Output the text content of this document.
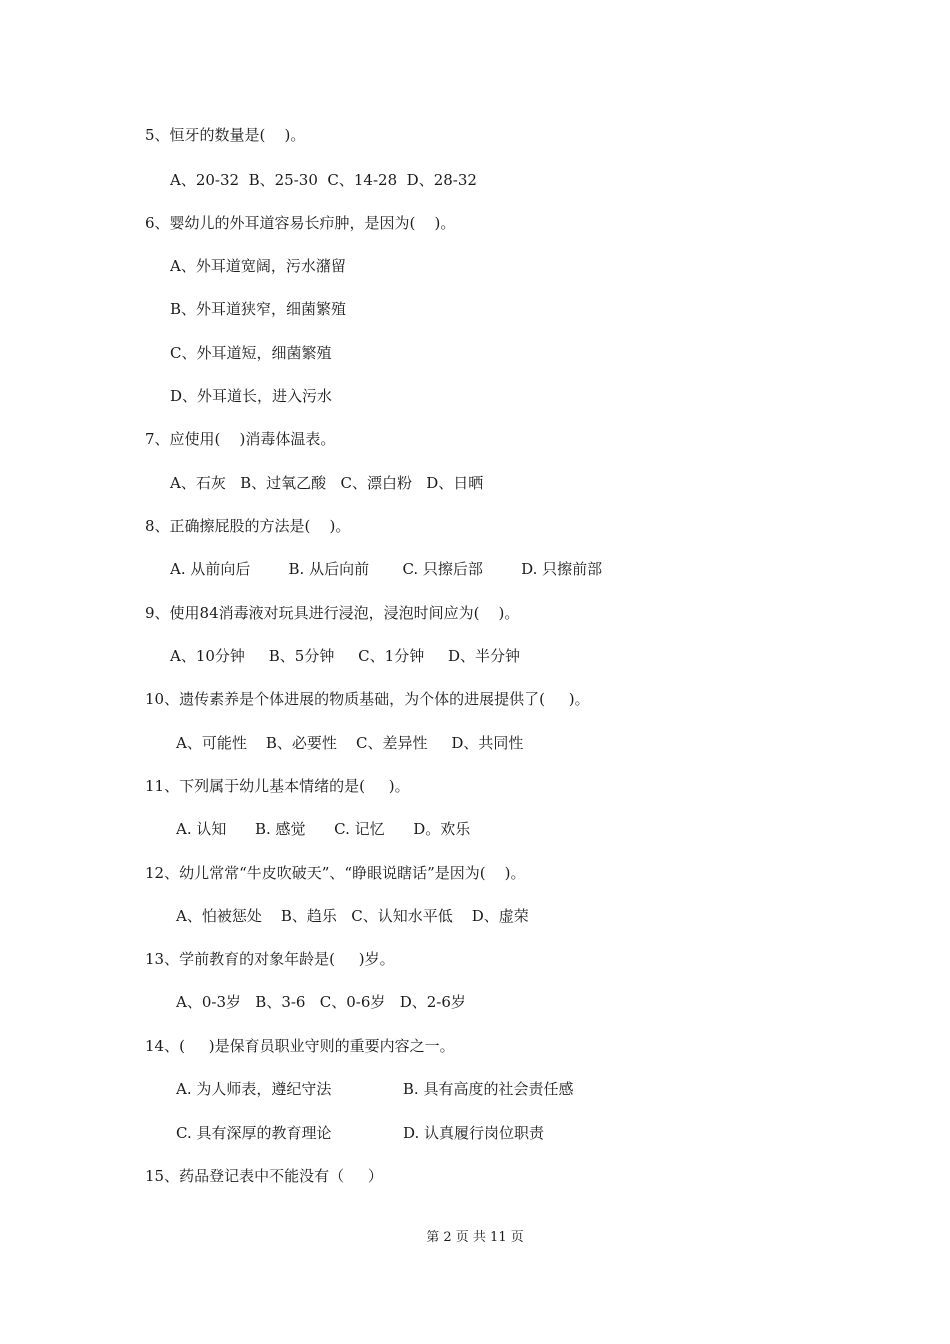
5、恒牙的数量是(    )。
A、20-32  B、25-30  C、14-28  D、28-32
6、婴幼儿的外耳道容易长疖肿，是因为(    )。
A、外耳道宽阔，污水潴留
B、外耳道狭窄，细菌繁殖
C、外耳道短，细菌繁殖
D、外耳道长，进入污水
7、应使用(    )消毒体温表。
A、石灰   B、过氧乙酸   C、漂白粉   D、日晒
8、正确擦屁股的方法是(    )。
A. 从前向后        B. 从后向前       C. 只擦后部        D. 只擦前部
9、使用84消毒液对玩具进行浸泡，浸泡时间应为(    )。
A、10分钟     B、5分钟     C、1分钟     D、半分钟
10、遗传素养是个体进展的物质基础，为个体的进展提供了(     )。
A、可能性    B、必要性    C、差异性     D、共同性
11、下列属于幼儿基本情绪的是(     )。
A. 认知      B. 感觉      C. 记忆      D。欢乐
12、幼儿常常“牛皮吹破天”、“睁眼说瞎话”是因为(    )。
A、怕被惩处    B、趋乐   C、认知水平低    D、虚荣
13、学前教育的对象年龄是(     )岁。
A、0-3岁   B、3-6   C、0-6岁   D、2-6岁
14、(     )是保育员职业守则的重要内容之一。
A. 为人师表，遵纪守法               B. 具有高度的社会责任感
C. 具有深厚的教育理论               D. 认真履行岗位职责
15、药品登记表中不能没有（     ）
第 2 页 共 11 页
